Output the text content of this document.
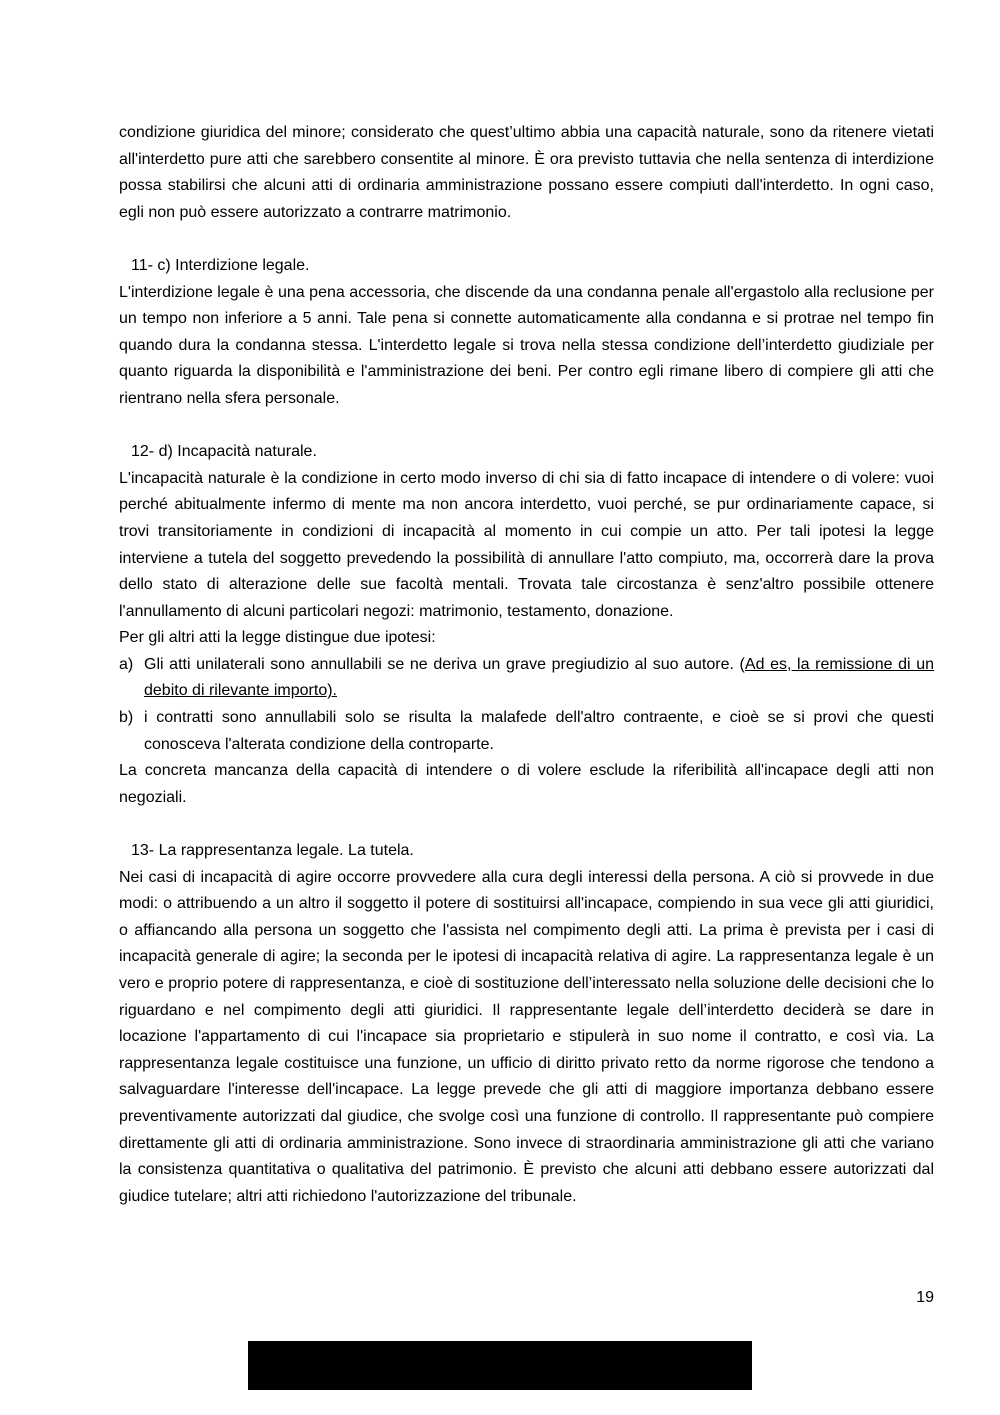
condizione giuridica del minore; considerato che quest’ultimo abbia una capacità naturale, sono da ritenere vietati all'interdetto pure atti che sarebbero consentite al minore. È ora previsto tuttavia che nella sentenza di interdizione possa stabilirsi che alcuni atti di ordinaria amministrazione possano essere compiuti dall'interdetto. In ogni caso, egli non può essere autorizzato a contrarre matrimonio.

11- c) Interdizione legale.

L'interdizione legale è una pena accessoria, che discende da una condanna penale all'ergastolo alla reclusione per un tempo non inferiore a 5 anni. Tale pena si connette automaticamente alla condanna e si protrae nel tempo fin quando dura la condanna stessa. L'interdetto legale si trova nella stessa condizione dell’interdetto giudiziale per quanto riguarda la disponibilità e l'amministrazione dei beni. Per contro egli rimane libero di compiere gli atti che rientrano nella sfera personale.

12- d) Incapacità naturale.

L'incapacità naturale è la condizione in certo modo inverso di chi sia di fatto incapace di intendere o di volere: vuoi perché abitualmente infermo di mente ma non ancora interdetto, vuoi perché, se pur ordinariamente capace, si trovi transitoriamente in condizioni di incapacità al momento in cui compie un atto. Per tali ipotesi la legge interviene a tutela del soggetto prevedendo la possibilità di annullare l'atto compiuto, ma, occorrerà dare la prova dello stato di alterazione delle sue facoltà mentali. Trovata tale circostanza è senz'altro possibile ottenere l'annullamento di alcuni particolari negozi: matrimonio, testamento, donazione.

Per gli altri atti la legge distingue due ipotesi:

a) Gli atti unilaterali sono annullabili se ne deriva un grave pregiudizio al suo autore. (Ad es, la remissione di un debito di rilevante importo).
b) i contratti sono annullabili solo se risulta la malafede dell'altro contraente, e cioè se si provi che questi conosceva l'alterata condizione della controparte.

La concreta mancanza della capacità di intendere o di volere esclude la riferibilità all'incapace degli atti non negoziali.

13- La rappresentanza legale. La tutela.

Nei casi di incapacità di agire occorre provvedere alla cura degli interessi della persona. A ciò si provvede in due modi: o attribuendo a un altro il soggetto il potere di sostituirsi all'incapace, compiendo in sua vece gli atti giuridici, o affiancando alla persona un soggetto che l'assista nel compimento degli atti. La prima è prevista per i casi di incapacità generale di agire; la seconda per le ipotesi di incapacità relativa di agire. La rappresentanza legale è un vero e proprio potere di rappresentanza, e cioè di sostituzione dell’interessato nella soluzione delle decisioni che lo riguardano e nel compimento degli atti giuridici. Il rappresentante legale dell’interdetto deciderà se dare in locazione l'appartamento di cui l'incapace sia proprietario e stipulerà in suo nome il contratto, e così via. La rappresentanza legale costituisce una funzione, un ufficio di diritto privato retto da norme rigorose che tendono a salvaguardare l'interesse dell'incapace. La legge prevede che gli atti di maggiore importanza debbano essere preventivamente autorizzati dal giudice, che svolge così una funzione di controllo. Il rappresentante può compiere direttamente gli atti di ordinaria amministrazione. Sono invece di straordinaria amministrazione gli atti che variano la consistenza quantitativa o qualitativa del patrimonio. È previsto che alcuni atti debbano essere autorizzati dal giudice tutelare; altri atti richiedono l'autorizzazione del tribunale.

19
